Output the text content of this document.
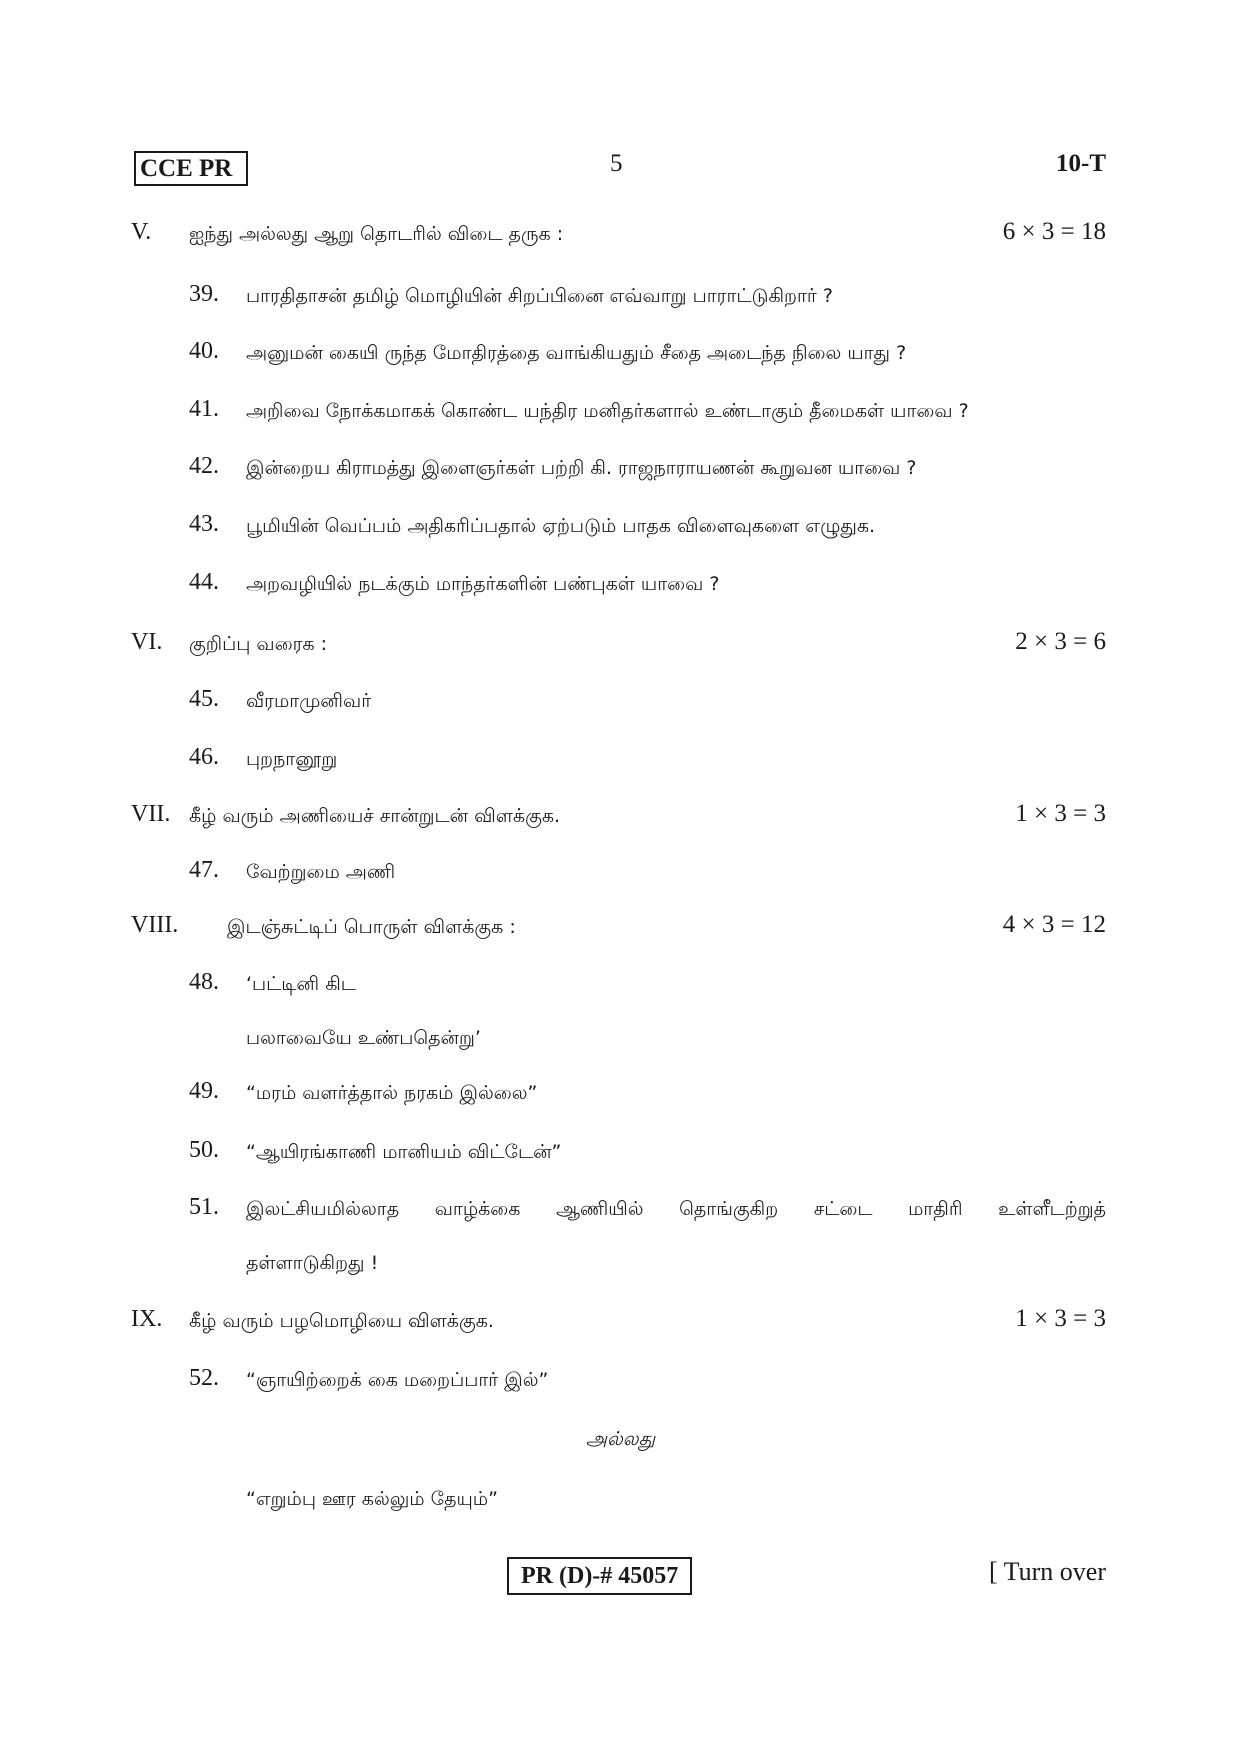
CCE PR	5	10-T
V. ஐந்து அல்லது ஆறு தொடரில் விடை தருக :	6 × 3 = 18
39. பாரதிதாசன் தமிழ் மொழியின் சிறப்பினை எவ்வாறு பாராட்டுகிறார் ?
40. அனுமன் கையி ருந்த மோதிரத்தை வாங்கியதும் சீதை அடைந்த நிலை யாது ?
41. அறிவை நோக்கமாகக் கொண்ட யந்திர மனிதர்களால் உண்டாகும் தீமைகள் யாவை ?
42. இன்றைய கிராமத்து இளைஞர்கள் பற்றி கி. ராஜநாராயணன் கூறுவன யாவை ?
43. பூமியின் வெப்பம் அதிகரிப்பதால் ஏற்படும் பாதக விளைவுகளை எழுதுக.
44. அறவழியில் நடக்கும் மாந்தர்களின் பண்புகள் யாவை ?
VI. குறிப்பு வரைக :	2 × 3 = 6
45. வீரமாமுனிவர்
46. புறநானூறு
VII. கீழ் வரும் அணியைச் சான்றுடன் விளக்குக.	1 × 3 = 3
47. வேற்றுமை அணி
VIII.	இடஞ்சுட்டிப் பொருள் விளக்குக :	4 × 3 = 12
48. ‘பட்டினி கிட
பலாவையே உண்பதென்று’
49. “மரம் வளர்த்தால் நரகம் இல்லை”
50. “ஆயிரங்காணி மானியம் விட்டேன்”
51. இலட்சியமில்லாத வாழ்க்கை ஆணியில் தொங்குகிற சட்டை மாதிரி உள்ளீடற்றுத்
தள்ளாடுகிறது !
IX. கீழ் வரும் பழமொழியை விளக்குக.	1 × 3 = 3
52. “ஞாயிற்றைக் கை மறைப்பார் இல்”
அல்லது
“எறும்பு ஊர கல்லும் தேயும்”
PR (D)-# 45057	[ Turn over
